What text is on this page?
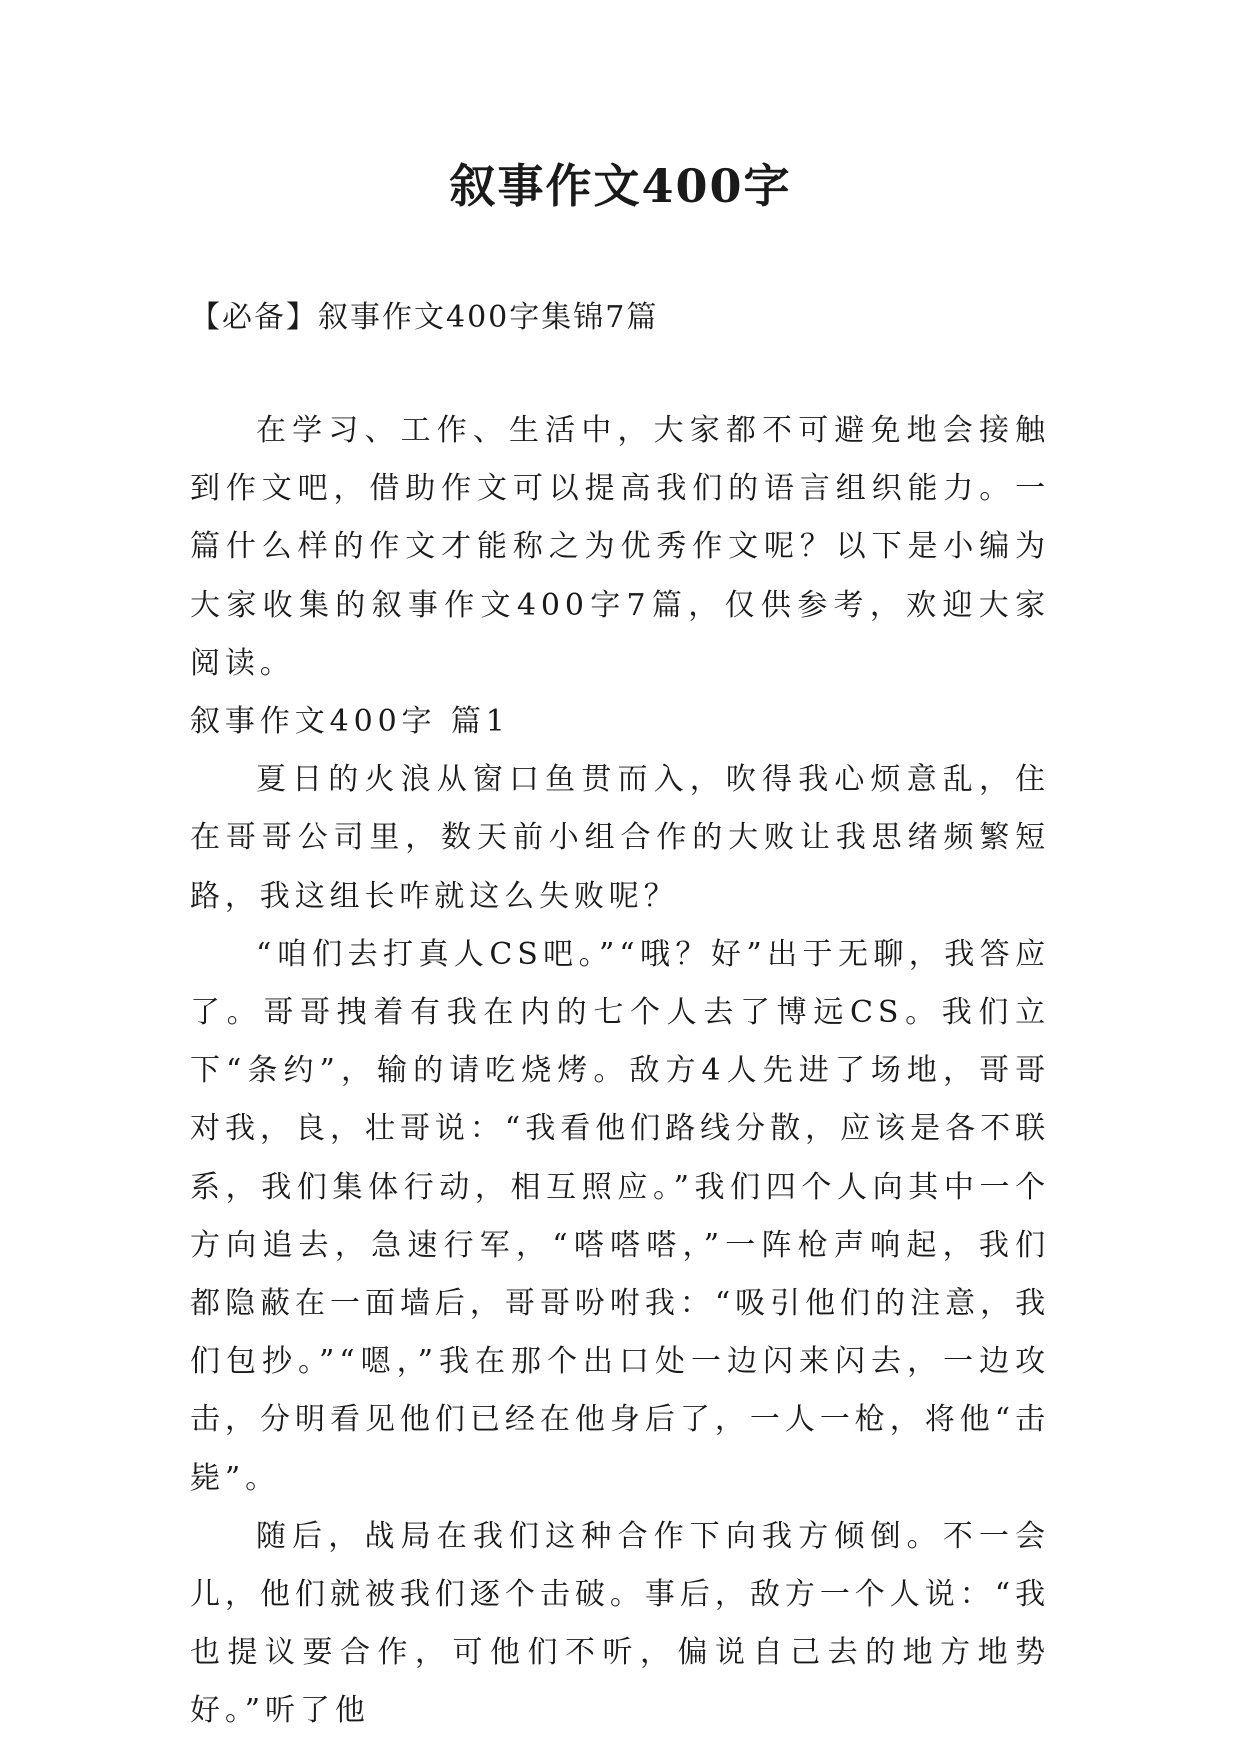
叙事作文400字

【必备】叙事作文400字集锦7篇

在学习、工作、生活中，大家都不可避免地会接触到作文吧，借助作文可以提高我们的语言组织能力。一篇什么样的作文才能称之为优秀作文呢？以下是小编为大家收集的叙事作文400字7篇，仅供参考，欢迎大家阅读。

叙事作文400字 篇1

夏日的火浪从窗口鱼贯而入，吹得我心烦意乱，住在哥哥公司里，数天前小组合作的大败让我思绪频繁短路，我这组长咋就这么失败呢？

“咱们去打真人CS吧。”“哦？好”出于无聊，我答应了。哥哥拽着有我在内的七个人去了博远CS。我们立下“条约”，输的请吃烧烤。敌方4人先进了场地，哥哥对我，良，壮哥说：“我看他们路线分散，应该是各不联系，我们集体行动，相互照应。”我们四个人向其中一个方向追去，急速行军，“嗒嗒嗒，”一阵枪声响起，我们都隐蔽在一面墙后，哥哥吩咐我：“吸引他们的注意，我们包抄。”“嗯，”我在那个出口处一边闪来闪去，一边攻击，分明看见他们已经在他身后了，一人一枪，将他“击毙”。

随后，战局在我们这种合作下向我方倾倒。不一会儿，他们就被我们逐个击破。事后，敌方一个人说：“我也提议要合作，可他们不听，偏说自己去的地方地势好。”听了他
